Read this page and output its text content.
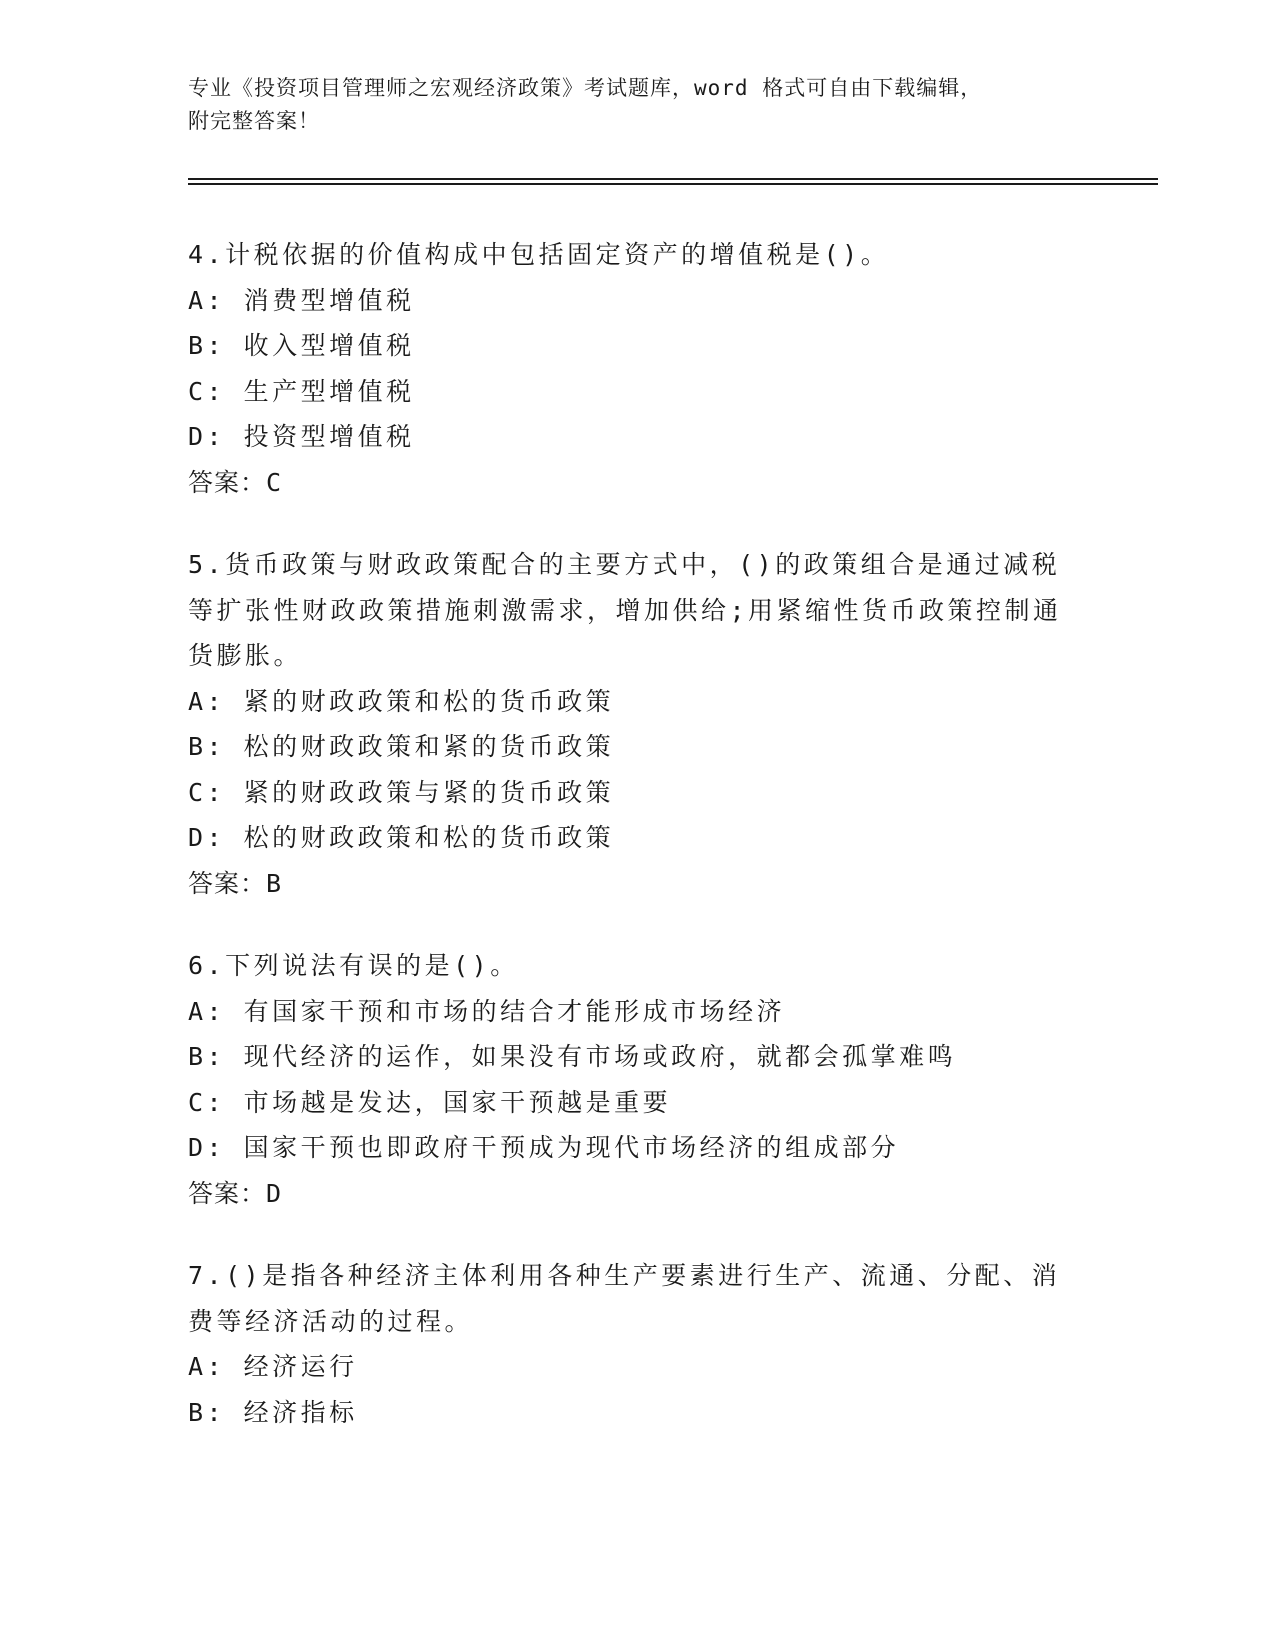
专业《投资项目管理师之宏观经济政策》考试题库，word 格式可自由下载编辑，
附完整答案！
4.计税依据的价值构成中包括固定资产的增值税是()。
A: 消费型增值税
B: 收入型增值税
C: 生产型增值税
D: 投资型增值税
答案：C
5.货币政策与财政政策配合的主要方式中，()的政策组合是通过减税
等扩张性财政政策措施刺激需求，增加供给;用紧缩性货币政策控制通
货膨胀。
A: 紧的财政政策和松的货币政策
B: 松的财政政策和紧的货币政策
C: 紧的财政政策与紧的货币政策
D: 松的财政政策和松的货币政策
答案：B
6.下列说法有误的是()。
A: 有国家干预和市场的结合才能形成市场经济
B: 现代经济的运作，如果没有市场或政府，就都会孤掌难鸣
C: 市场越是发达，国家干预越是重要
D: 国家干预也即政府干预成为现代市场经济的组成部分
答案：D
7.()是指各种经济主体利用各种生产要素进行生产、流通、分配、消
费等经济活动的过程。
A: 经济运行
B: 经济指标
